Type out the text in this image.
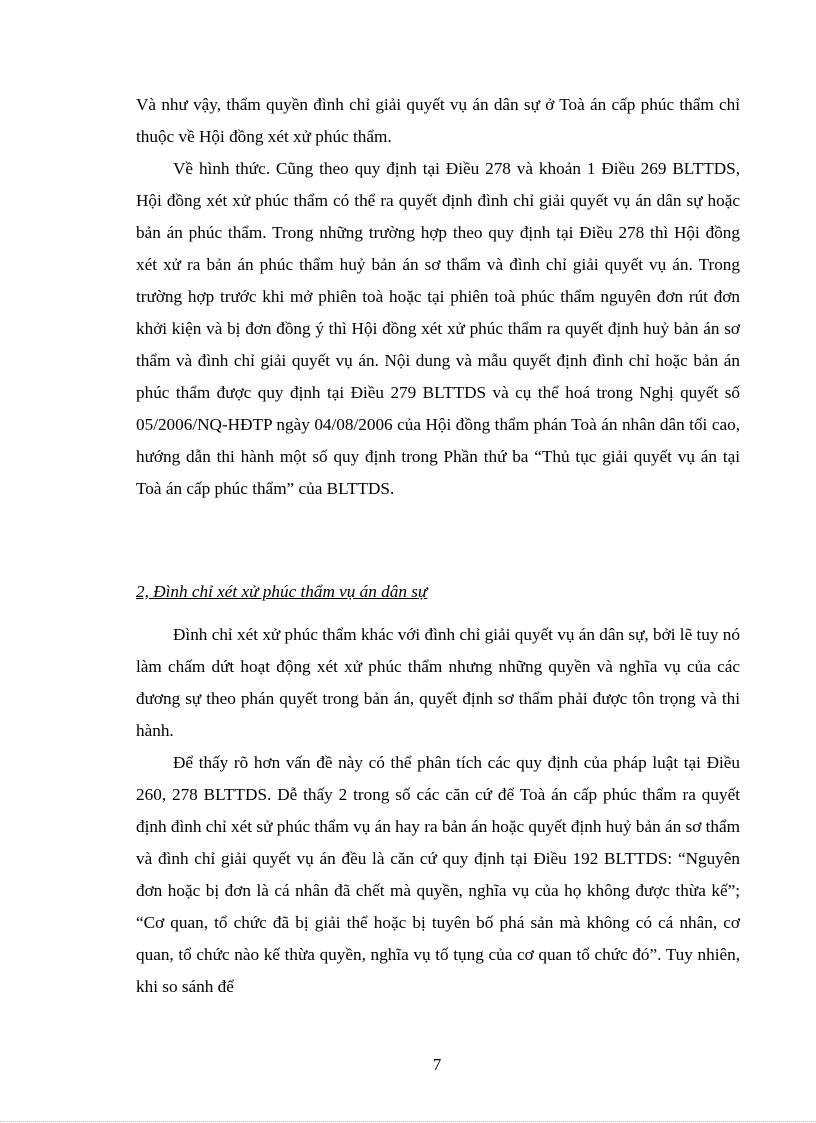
Và như vậy, thẩm quyền đình chỉ giải quyết vụ án dân sự ở Toà án cấp phúc thẩm chỉ thuộc về Hội đồng xét xử phúc thẩm.

Về hình thức. Cũng theo quy định tại Điều 278 và khoản 1 Điều 269 BLTTDS, Hội đồng xét xử phúc thẩm có thể ra quyết định đình chỉ giải quyết vụ án dân sự hoặc bản án phúc thẩm. Trong những trường hợp theo quy định tại Điều 278 thì Hội đồng xét xử ra bản án phúc thẩm huỷ bản án sơ thẩm và đình chỉ giải quyết vụ án. Trong trường hợp trước khi mở phiên toà hoặc tại phiên toà phúc thẩm nguyên đơn rút đơn khởi kiện và bị đơn đồng ý thì Hội đồng xét xử phúc thẩm ra quyết định huỷ bản án sơ thẩm và đình chỉ giải quyết vụ án. Nội dung và mẫu quyết định đình chỉ hoặc bản án phúc thẩm được quy định tại Điều 279 BLTTDS và cụ thể hoá trong Nghị quyết số 05/2006/NQ-HĐTP ngày 04/08/2006 của Hội đồng thẩm phán Toà án nhân dân tối cao, hướng dẫn thi hành một số quy định trong Phần thứ ba “Thủ tục giải quyết vụ án tại Toà án cấp phúc thẩm” của BLTTDS.

2, Đình chỉ xét xử phúc thẩm vụ án dân sự

Đình chỉ xét xử phúc thẩm khác với đình chỉ giải quyết vụ án dân sự, bởi lẽ tuy nó làm chấm dứt hoạt động xét xử phúc thẩm nhưng những quyền và nghĩa vụ của các đương sự theo phán quyết trong bản án, quyết định sơ thẩm phải được tôn trọng và thi hành.

Để thấy rõ hơn vấn đề này có thể phân tích các quy định của pháp luật tại Điều 260, 278 BLTTDS. Dễ thấy 2 trong số các căn cứ để Toà án cấp phúc thẩm ra quyết định đình chỉ xét sử phúc thẩm vụ án hay ra bản án hoặc quyết định huỷ bản án sơ thẩm và đình chỉ giải quyết vụ án đều là căn cứ quy định tại Điều 192 BLTTDS: “Nguyên đơn hoặc bị đơn là cá nhân đã chết mà quyền, nghĩa vụ của họ không được thừa kế”; “Cơ quan, tổ chức đã bị giải thể hoặc bị tuyên bố phá sản mà không có cá nhân, cơ quan, tổ chức nào kế thừa quyền, nghĩa vụ tố tụng của cơ quan tổ chức đó”. Tuy nhiên, khi so sánh để

7
